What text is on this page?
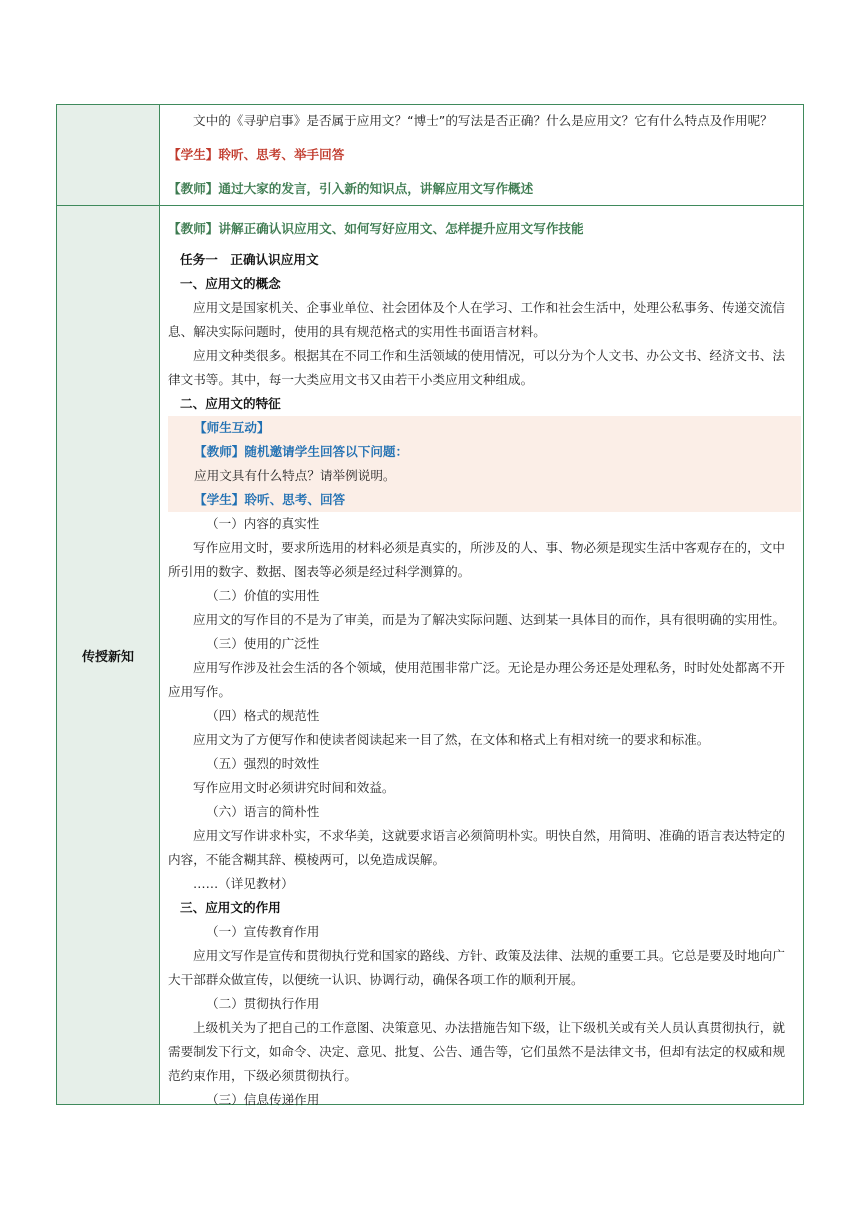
文中的《寻驴启事》是否属于应用文？“博士”的写法是否正确？什么是应用文？它有什么特点及作用呢？

【学生】聆听、思考、举手回答

【教师】通过大家的发言，引入新的知识点，讲解应用文写作概述

传授新知

【教师】讲解正确认识应用文、如何写好应用文、怎样提升应用文写作技能

任务一　正确认识应用文

一、应用文的概念

应用文是国家机关、企事业单位、社会团体及个人在学习、工作和社会生活中，处理公私事务、传递交流信息、解决实际问题时，使用的具有规范格式的实用性书面语言材料。

应用文种类很多。根据其在不同工作和生活领域的使用情况，可以分为个人文书、办公文书、经济文书、法律文书等。其中，每一大类应用文书又由若干小类应用文种组成。

二、应用文的特征

【师生互动】

【教师】随机邀请学生回答以下问题：

应用文具有什么特点？请举例说明。

【学生】聆听、思考、回答

（一）内容的真实性

写作应用文时，要求所选用的材料必须是真实的，所涉及的人、事、物必须是现实生活中客观存在的，文中所引用的数字、数据、图表等必须是经过科学测算的。

（二）价值的实用性

应用文的写作目的不是为了审美，而是为了解决实际问题、达到某一具体目的而作，具有很明确的实用性。

（三）使用的广泛性

应用写作涉及社会生活的各个领域，使用范围非常广泛。无论是办理公务还是处理私务，时时处处都离不开应用写作。

（四）格式的规范性

应用文为了方便写作和使读者阅读起来一目了然，在文体和格式上有相对统一的要求和标准。

（五）强烈的时效性

写作应用文时必须讲究时间和效益。

（六）语言的简朴性

应用文写作讲求朴实，不求华美，这就要求语言必须简明朴实。明快自然，用简明、准确的语言表达特定的内容，不能含糊其辞、模棱两可，以免造成误解。

……（详见教材）

三、应用文的作用

（一）宣传教育作用

应用文写作是宣传和贯彻执行党和国家的路线、方针、政策及法律、法规的重要工具。它总是要及时地向广大干部群众做宣传，以便统一认识、协调行动，确保各项工作的顺利开展。

（二）贯彻执行作用

上级机关为了把自己的工作意图、决策意见、办法措施告知下级，让下级机关或有关人员认真贯彻执行，就需要制发下行文，如命令、决定、意见、批复、公告、通告等，它们虽然不是法律文书，但却有法定的权威和规范约束作用，下级必须贯彻执行。

（三）信息传递作用
